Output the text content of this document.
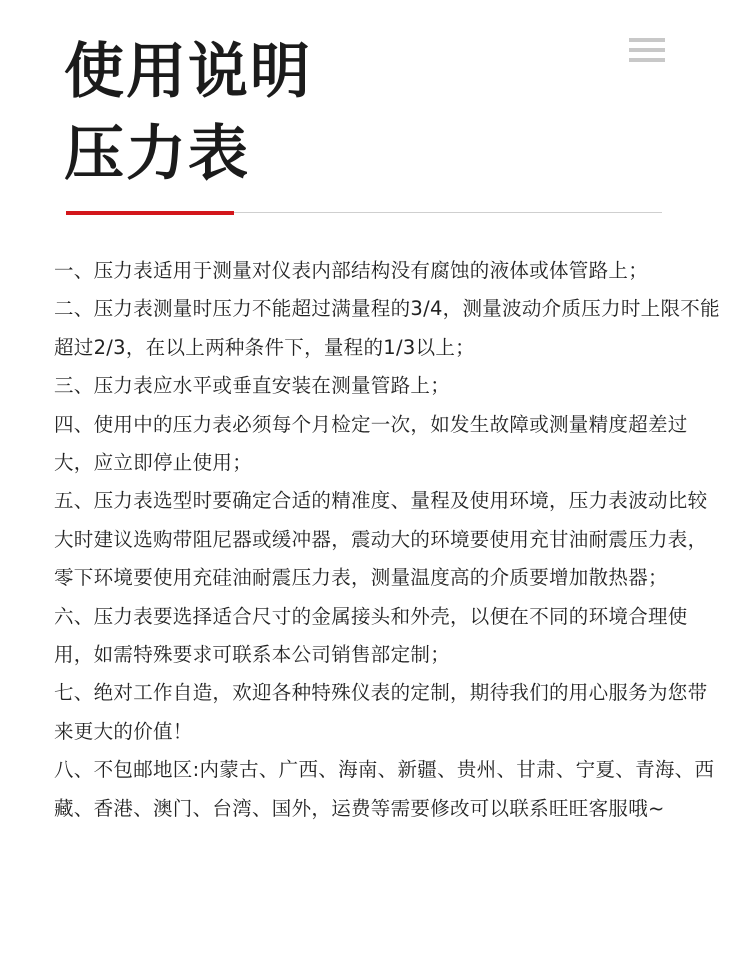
使用说明
压力表
一、压力表适用于测量对仪表内部结构没有腐蚀的液体或体管路上；
二、压力表测量时压力不能超过满量程的3/4，测量波动介质压力时上限不能超过2/3，在以上两种条件下，量程的1/3以上；
三、压力表应水平或垂直安装在测量管路上；
四、使用中的压力表必须每个月检定一次，如发生故障或测量精度超差过大，应立即停止使用；
五、压力表选型时要确定合适的精准度、量程及使用环境，压力表波动比较大时建议选购带阻尼器或缓冲器，震动大的环境要使用充甘油耐震压力表，零下环境要使用充硅油耐震压力表，测量温度高的介质要增加散热器；
六、压力表要选择适合尺寸的金属接头和外壳，以便在不同的环境合理使用，如需特殊要求可联系本公司销售部定制；
七、绝对工作自造，欢迎各种特殊仪表的定制，期待我们的用心服务为您带来更大的价值！
八、不包邮地区:内蒙古、广西、海南、新疆、贵州、甘肃、宁夏、青海、西藏、香港、澳门、台湾、国外，运费等需要修改可以联系旺旺客服哦~
